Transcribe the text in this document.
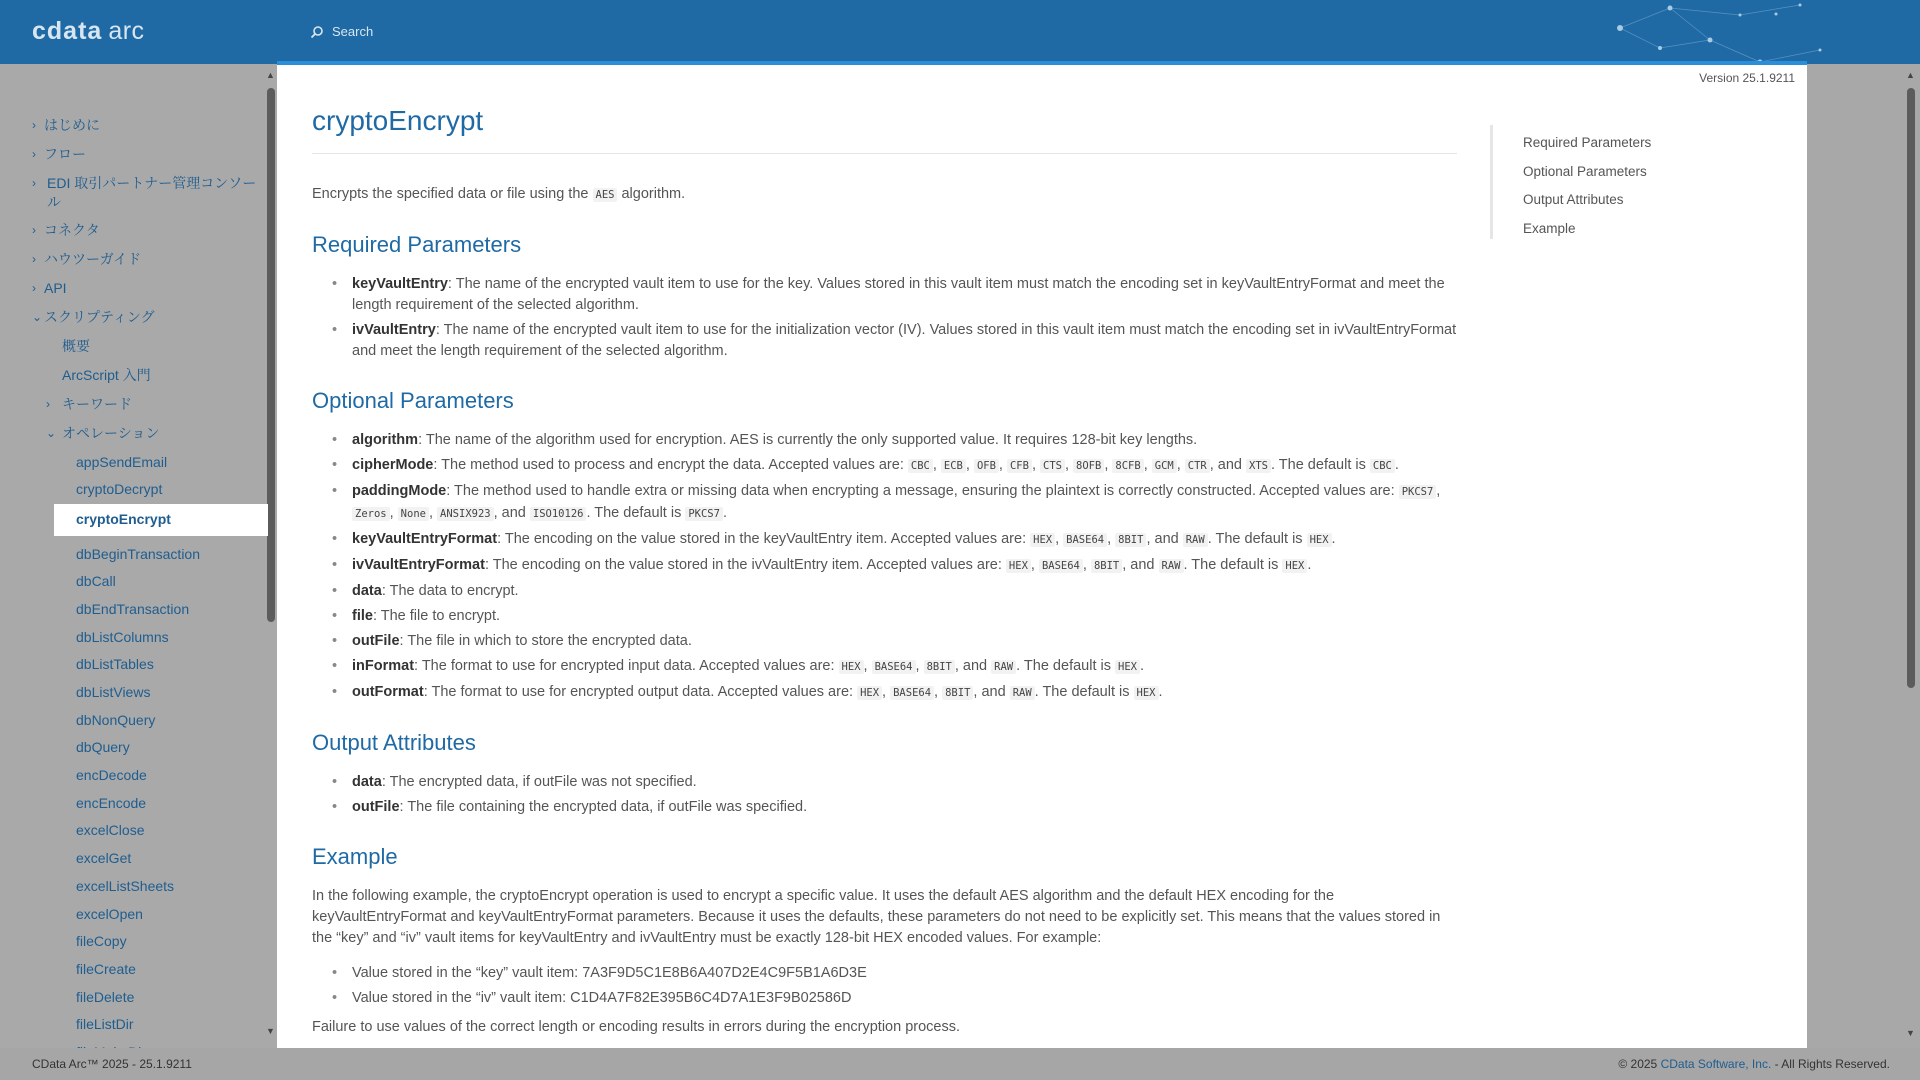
cdata arc	Search
▲
▼
› はじめに
› フロー
› EDI 取引パートナー管理コンソール
› コネクタ
› ハウツーガイド
› API
⌄ スクリプティング
概要
ArcScript 入門
› キーワード
⌄ オペレーション
appSendEmail
cryptoDecrypt
cryptoEncrypt
dbBeginTransaction
dbCall
dbEndTransaction
dbListColumns
dbListTables
dbListViews
dbNonQuery
dbQuery
encDecode
encEncode
excelClose
excelGet
excelListSheets
excelOpen
fileCopy
fileCreate
fileDelete
fileListDir
Version 25.1.9211
cryptoEncrypt

Encrypts the specified data or file using the AES algorithm.

Required Parameters
• keyVaultEntry: The name of the encrypted vault item to use for the key. Values stored in this vault item must match the encoding set in keyVaultEntryFormat and meet the length requirement of the selected algorithm.
• ivVaultEntry: The name of the encrypted vault item to use for the initialization vector (IV). Values stored in this vault item must match the encoding set in ivVaultEntryFormat and meet the length requirement of the selected algorithm.
Optional Parameters
• algorithm: The name of the algorithm used for encryption. AES is currently the only supported value. It requires 128-bit key lengths.
• cipherMode: The method used to process and encrypt the data. Accepted values are: CBC , ECB , OFB , CFB , CTS , 8OFB , 8CFB , GCM , CTR , and XTS . The default is CBC .
• paddingMode: The method used to handle extra or missing data when encrypting a message, ensuring the plaintext is correctly constructed. Accepted values are: PKCS7 , Zeros , None , ANSIX923 , and ISO10126 . The default is PKCS7 .
• keyVaultEntryFormat: The encoding on the value stored in the keyVaultEntry item. Accepted values are: HEX , BASE64 , 8BIT , and RAW . The default is HEX .
• ivVaultEntryFormat: The encoding on the value stored in the ivVaultEntry item. Accepted values are: HEX , BASE64 , 8BIT , and RAW . The default is HEX .
• data: The data to encrypt.
• file: The file to encrypt.
• outFile: The file in which to store the encrypted data.
• inFormat: The format to use for encrypted input data. Accepted values are: HEX , BASE64 , 8BIT , and RAW . The default is HEX .
• outFormat: The format to use for encrypted output data. Accepted values are: HEX , BASE64 , 8BIT , and RAW . The default is HEX .
Output Attributes
• data: The encrypted data, if outFile was not specified.
• outFile: The file containing the encrypted data, if outFile was specified.
Example

In the following example, the cryptoEncrypt operation is used to encrypt a specific value. It uses the default AES algorithm and the default HEX encoding for the keyVaultEntryFormat and keyVaultEntryFormat parameters. Because it uses the defaults, these parameters do not need to be explicitly set. This means that the values stored in the “key” and “iv” vault items for keyVaultEntry and ivVaultEntry must be exactly 128-bit HEX encoded values. For example:

• Value stored in the “key” vault item: 7A3F9D5C1E8B6A407D2E4C9F5B1A6D3E
• Value stored in the “iv” vault item: C1D4A7F82E395B6C4D7A1E3F9B02586D

Failure to use values of the correct length or encoding results in errors during the encryption process.

Required Parameters
Optional Parameters
Output Attributes
Example
▲
▼
CData Arc™ 2025 - 25.1.9211	© 2025 CData Software, Inc. - All Rights Reserved.
